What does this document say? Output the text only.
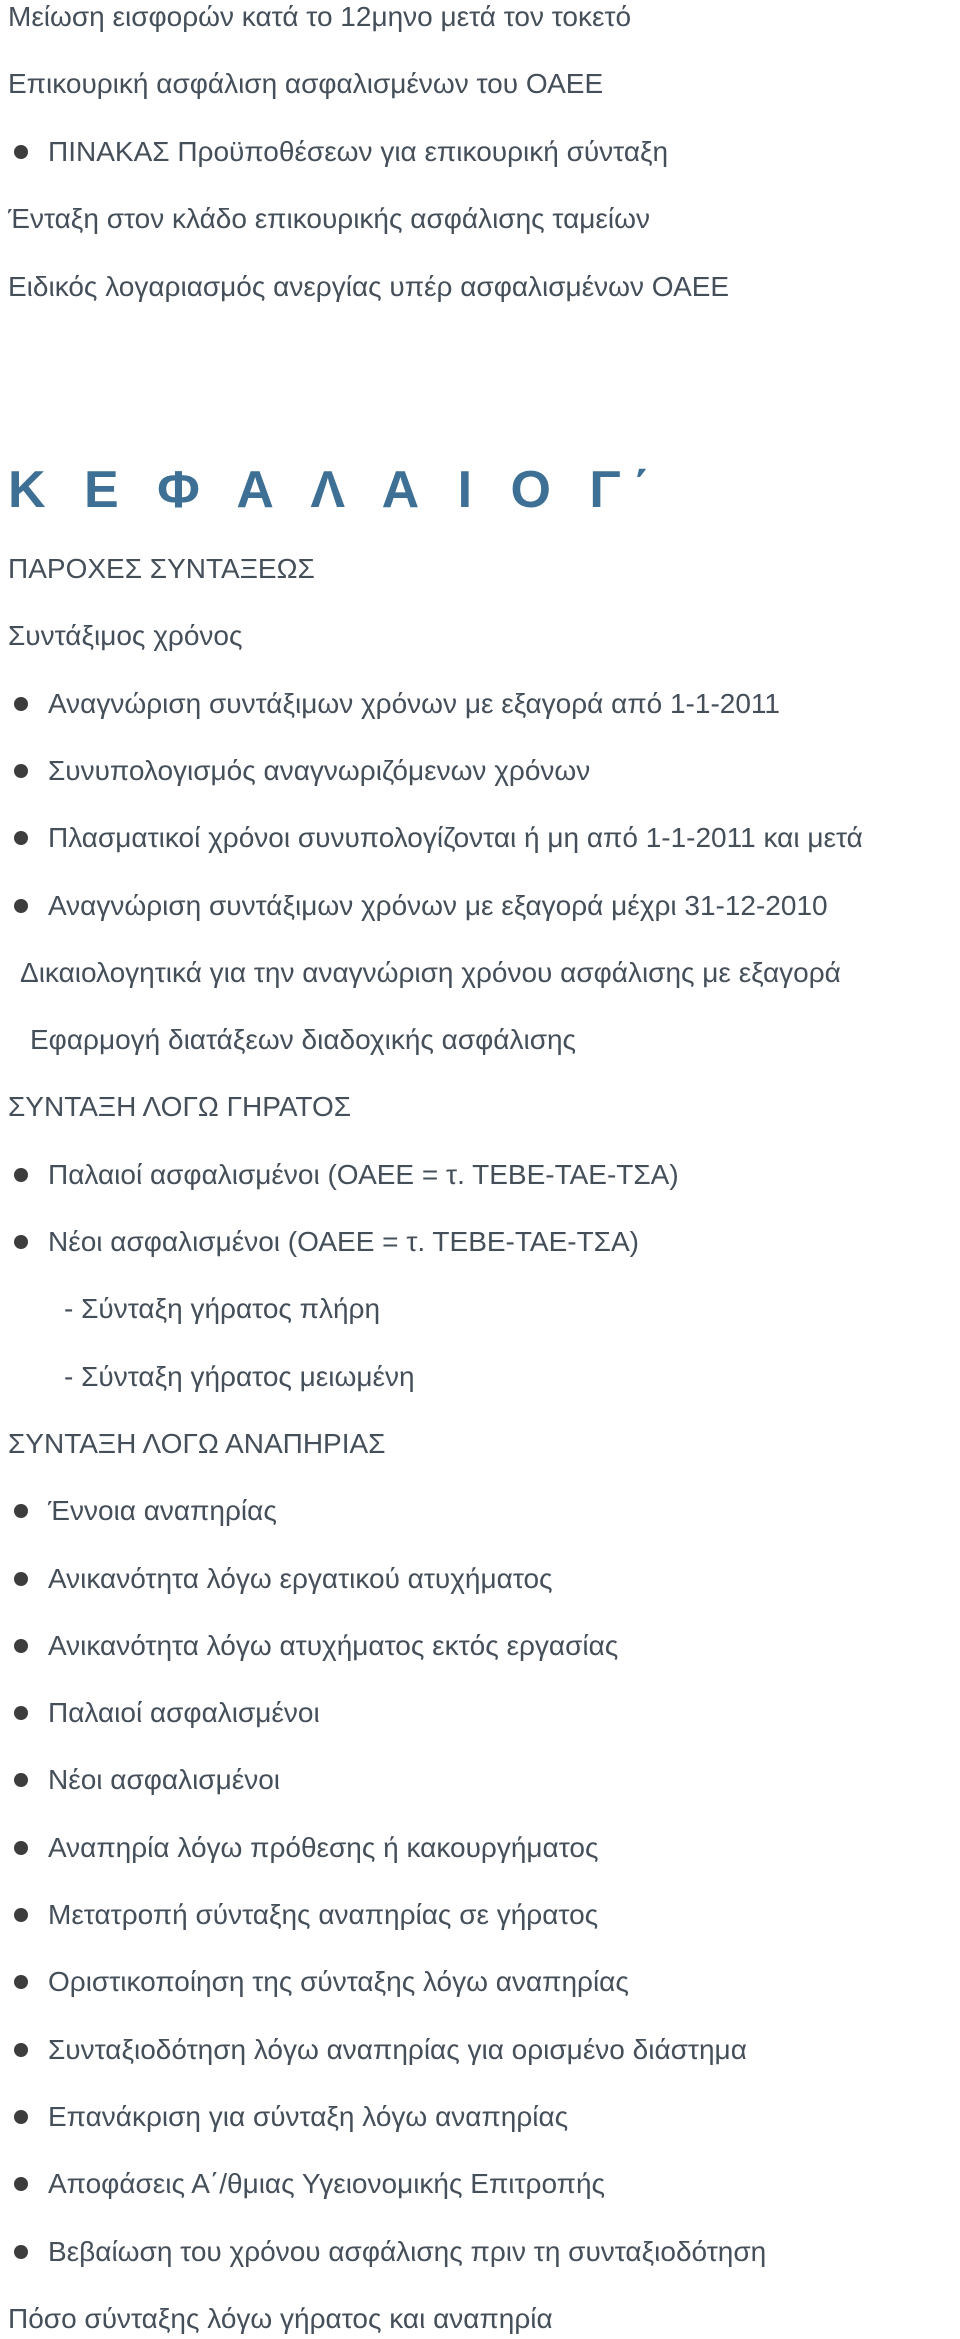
Μείωση εισφορών κατά το 12μηνο μετά τον τοκετό
Επικουρική ασφάλιση ασφαλισμένων του ΟΑΕΕ
ΠΙΝΑΚΑΣ Προϋποθέσεων για επικουρική σύνταξη
Ένταξη στον κλάδο επικουρικής ασφάλισης ταμείων
Ειδικός λογαριασμός ανεργίας υπέρ ασφαλισμένων ΟΑΕΕ
Κ Ε Φ Α Λ Α Ι Ο Γ΄
ΠΑΡΟΧΕΣ ΣΥΝΤΑΞΕΩΣ
Συντάξιμος χρόνος
Αναγνώριση συντάξιμων χρόνων με εξαγορά από 1-1-2011
Συνυπολογισμός αναγνωριζόμενων χρόνων
Πλασματικοί χρόνοι συνυπολογίζονται ή μη από 1-1-2011 και μετά
Αναγνώριση συντάξιμων χρόνων με εξαγορά μέχρι 31-12-2010
Δικαιολογητικά για την αναγνώριση χρόνου ασφάλισης με εξαγορά
Εφαρμογή διατάξεων διαδοχικής ασφάλισης
ΣΥΝΤΑΞΗ ΛΟΓΩ ΓΗΡΑΤΟΣ
Παλαιοί ασφαλισμένοι (ΟΑΕΕ = τ. ΤΕΒΕ-ΤΑΕ-ΤΣΑ)
Νέοι ασφαλισμένοι (ΟΑΕΕ = τ. ΤΕΒΕ-ΤΑΕ-ΤΣΑ)
- Σύνταξη γήρατος πλήρη
- Σύνταξη γήρατος μειωμένη
ΣΥΝΤΑΞΗ ΛΟΓΩ ΑΝΑΠΗΡΙΑΣ
Έννοια αναπηρίας
Ανικανότητα λόγω εργατικού ατυχήματος
Ανικανότητα λόγω ατυχήματος εκτός εργασίας
Παλαιοί ασφαλισμένοι
Νέοι ασφαλισμένοι
Αναπηρία λόγω πρόθεσης ή κακουργήματος
Μετατροπή σύνταξης αναπηρίας σε γήρατος
Οριστικοποίηση της σύνταξης λόγω αναπηρίας
Συνταξιοδότηση λόγω αναπηρίας για ορισμένο διάστημα
Επανάκριση για σύνταξη λόγω αναπηρίας
Αποφάσεις Α΄/θμιας Υγειονομικής Επιτροπής
Βεβαίωση του χρόνου ασφάλισης πριν τη συνταξιοδότηση
Πόσο σύνταξης λόγω γήρατος και αναπηρία
